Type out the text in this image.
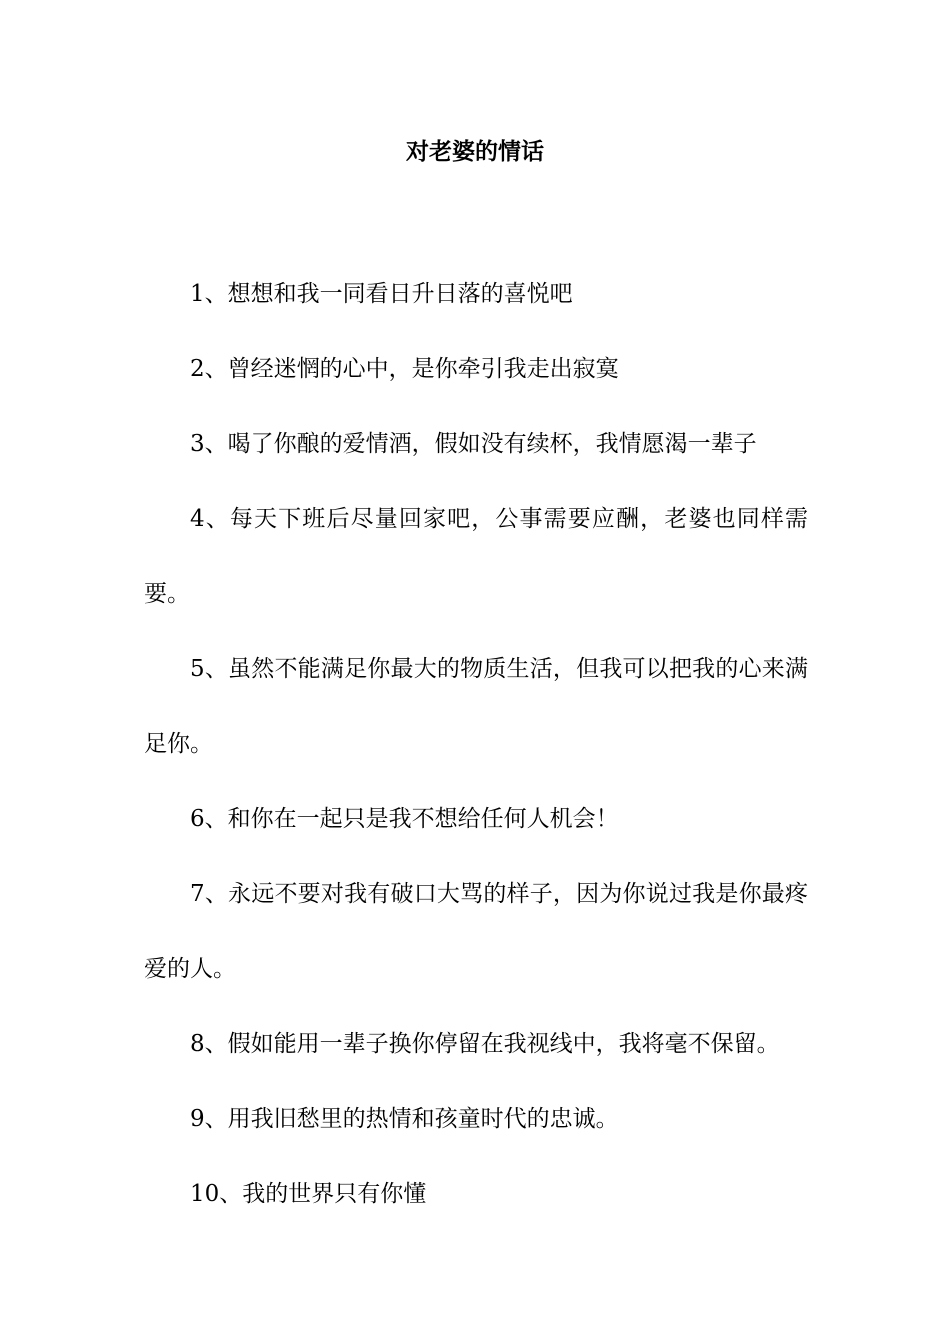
对老婆的情话

1、想想和我一同看日升日落的喜悦吧

2、曾经迷惘的心中，是你牵引我走出寂寞

3、喝了你酿的爱情酒，假如没有续杯，我情愿渴一辈子

4、每天下班后尽量回家吧，公事需要应酬，老婆也同样需要。

5、虽然不能满足你最大的物质生活，但我可以把我的心来满足你。

6、和你在一起只是我不想给任何人机会！

7、永远不要对我有破口大骂的样子，因为你说过我是你最疼爱的人。

8、假如能用一辈子换你停留在我视线中，我将毫不保留。

9、用我旧愁里的热情和孩童时代的忠诚。

10、我的世界只有你懂
